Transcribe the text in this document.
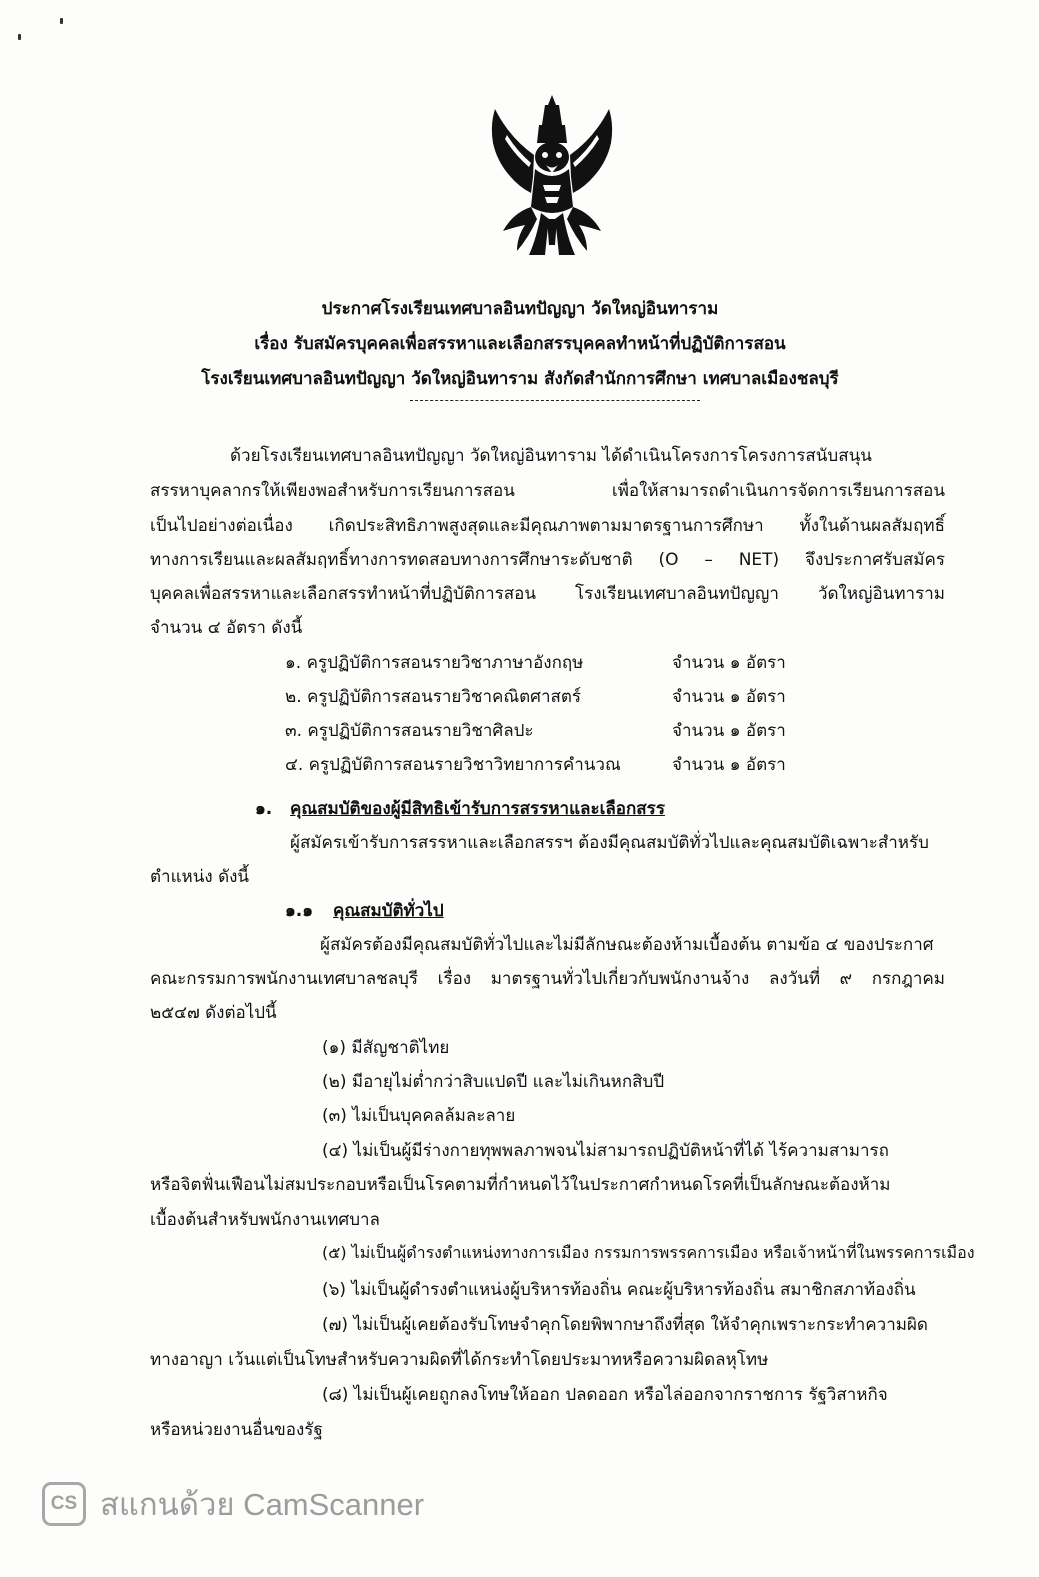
ประกาศโรงเรียนเทศบาลอินทปัญญา วัดใหญ่อินทาราม
เรื่อง รับสมัครบุคคลเพื่อสรรหาและเลือกสรรบุคคลทำหน้าที่ปฏิบัติการสอน
โรงเรียนเทศบาลอินทปัญญา วัดใหญ่อินทาราม สังกัดสำนักการศึกษา เทศบาลเมืองชลบุรี
ด้วยโรงเรียนเทศบาลอินทปัญญา วัดใหญ่อินทาราม ได้ดำเนินโครงการโครงการสนับสนุน
สรรหาบุคลากรให้เพียงพอสำหรับการเรียนการสอน เพื่อให้สามารถดำเนินการจัดการเรียนการสอน
เป็นไปอย่างต่อเนื่อง เกิดประสิทธิภาพสูงสุดและมีคุณภาพตามมาตรฐานการศึกษา ทั้งในด้านผลสัมฤทธิ์
ทางการเรียนและผลสัมฤทธิ์ทางการทดสอบทางการศึกษาระดับชาติ (O – NET) จึงประกาศรับสมัคร
บุคคลเพื่อสรรหาและเลือกสรรทำหน้าที่ปฏิบัติการสอน โรงเรียนเทศบาลอินทปัญญา วัดใหญ่อินทาราม
จำนวน ๔ อัตรา ดังนี้
๑. ครูปฏิบัติการสอนรายวิชาภาษาอังกฤษ	จำนวน ๑ อัตรา
๒. ครูปฏิบัติการสอนรายวิชาคณิตศาสตร์	จำนวน ๑ อัตรา
๓. ครูปฏิบัติการสอนรายวิชาศิลปะ	จำนวน ๑ อัตรา
๔. ครูปฏิบัติการสอนรายวิชาวิทยาการคำนวณ	จำนวน ๑ อัตรา
๑. คุณสมบัติของผู้มีสิทธิเข้ารับการสรรหาและเลือกสรร
ผู้สมัครเข้ารับการสรรหาและเลือกสรรฯ ต้องมีคุณสมบัติทั่วไปและคุณสมบัติเฉพาะสำหรับ
ตำแหน่ง ดังนี้
๑.๑ คุณสมบัติทั่วไป
ผู้สมัครต้องมีคุณสมบัติทั่วไปและไม่มีลักษณะต้องห้ามเบื้องต้น ตามข้อ ๔ ของประกาศ
คณะกรรมการพนักงานเทศบาลชลบุรี เรื่อง มาตรฐานทั่วไปเกี่ยวกับพนักงานจ้าง ลงวันที่ ๙ กรกฎาคม
๒๕๔๗ ดังต่อไปนี้
(๑) มีสัญชาติไทย
(๒) มีอายุไม่ต่ำกว่าสิบแปดปี และไม่เกินหกสิบปี
(๓) ไม่เป็นบุคคลล้มละลาย
(๔) ไม่เป็นผู้มีร่างกายทุพพลภาพจนไม่สามารถปฏิบัติหน้าที่ได้ ไร้ความสามารถ
หรือจิตฟั่นเฟือนไม่สมประกอบหรือเป็นโรคตามที่กำหนดไว้ในประกาศกำหนดโรคที่เป็นลักษณะต้องห้าม
เบื้องต้นสำหรับพนักงานเทศบาล
(๕) ไม่เป็นผู้ดำรงตำแหน่งทางการเมือง กรรมการพรรคการเมือง หรือเจ้าหน้าที่ในพรรคการเมือง
(๖) ไม่เป็นผู้ดำรงตำแหน่งผู้บริหารท้องถิ่น คณะผู้บริหารท้องถิ่น สมาชิกสภาท้องถิ่น
(๗) ไม่เป็นผู้เคยต้องรับโทษจำคุกโดยพิพากษาถึงที่สุด ให้จำคุกเพราะกระทำความผิด
ทางอาญา เว้นแต่เป็นโทษสำหรับความผิดที่ได้กระทำโดยประมาทหรือความผิดลหุโทษ
(๘) ไม่เป็นผู้เคยถูกลงโทษให้ออก ปลดออก หรือไล่ออกจากราชการ รัฐวิสาหกิจ
หรือหน่วยงานอื่นของรัฐ
CS สแกนด้วย CamScanner
